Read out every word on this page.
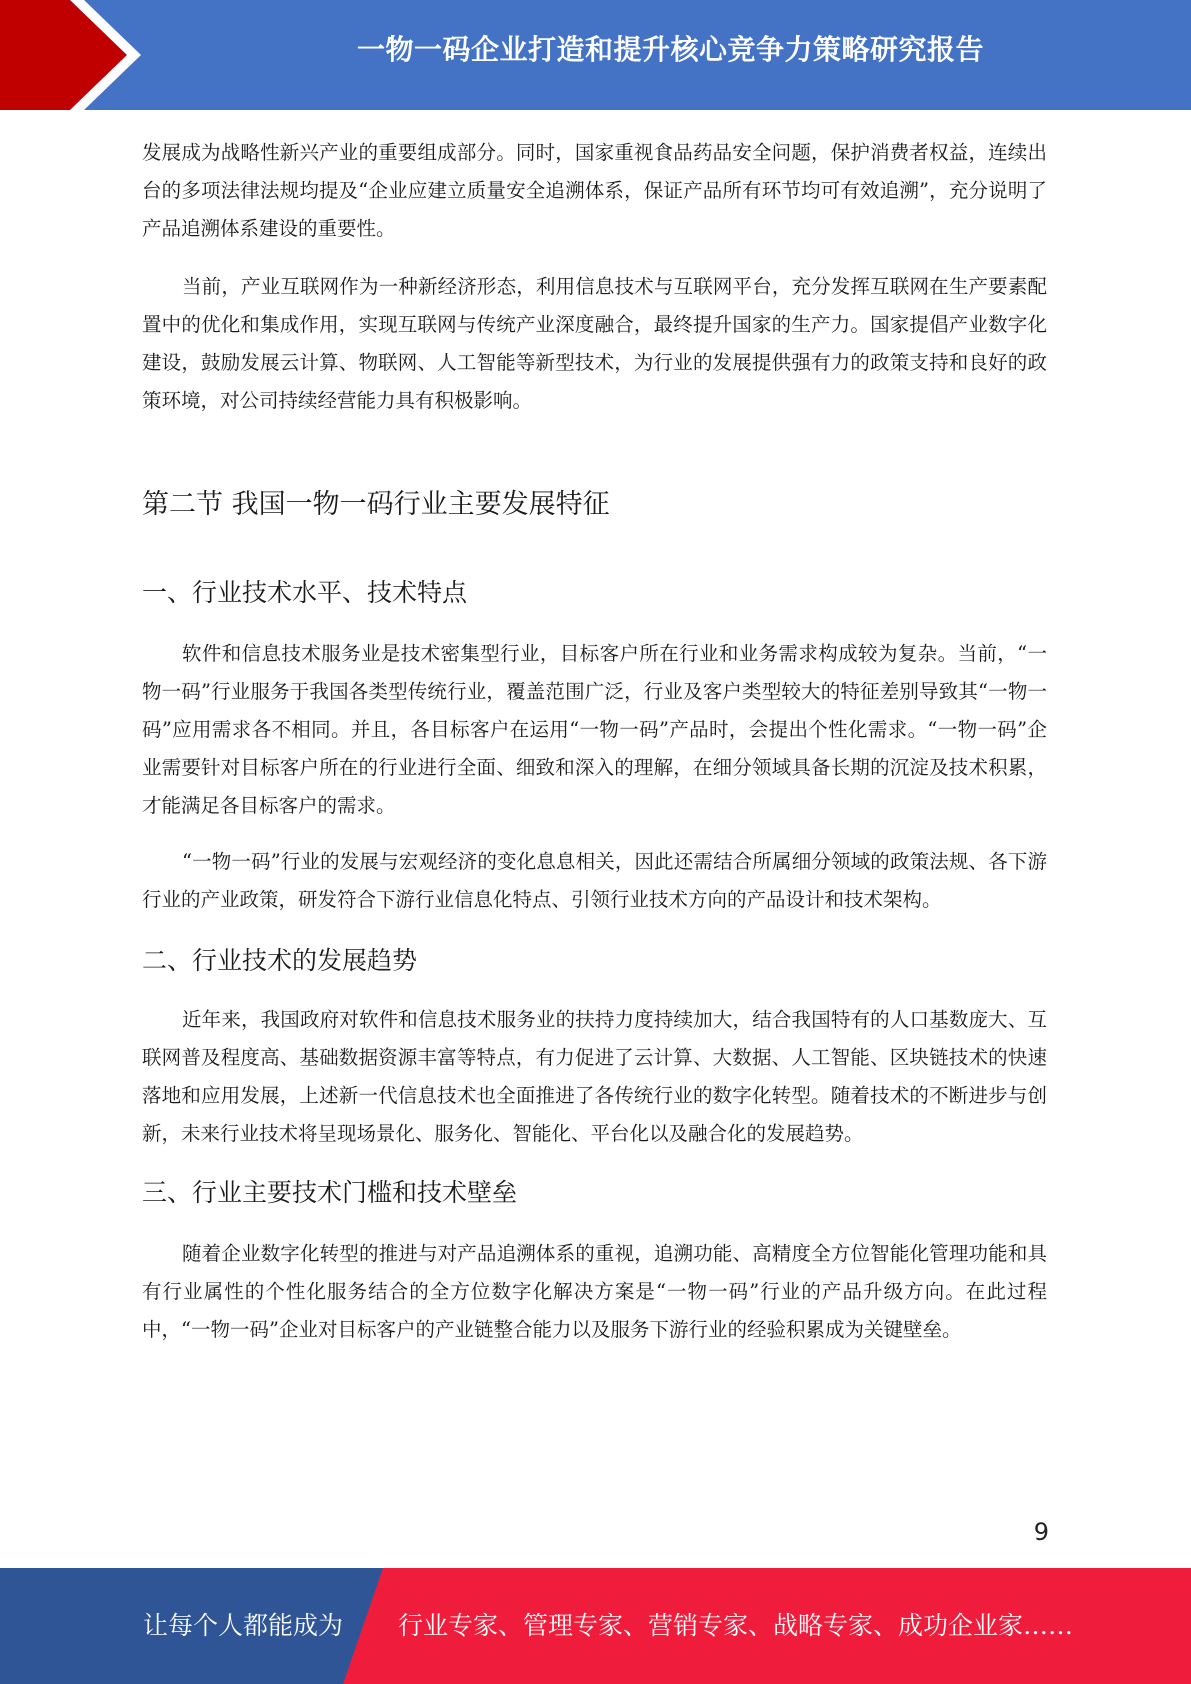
一物一码企业打造和提升核心竞争力策略研究报告

发展成为战略性新兴产业的重要组成部分。同时，国家重视食品药品安全问题，保护消费者权益，连续出台的多项法律法规均提及“企业应建立质量安全追溯体系，保证产品所有环节均可有效追溯”，充分说明了产品追溯体系建设的重要性。

当前，产业互联网作为一种新经济形态，利用信息技术与互联网平台，充分发挥互联网在生产要素配置中的优化和集成作用，实现互联网与传统产业深度融合，最终提升国家的生产力。国家提倡产业数字化建设，鼓励发展云计算、物联网、人工智能等新型技术，为行业的发展提供强有力的政策支持和良好的政策环境，对公司持续经营能力具有积极影响。

第二节 我国一物一码行业主要发展特征
一、行业技术水平、技术特点

软件和信息技术服务业是技术密集型行业，目标客户所在行业和业务需求构成较为复杂。当前，“一物一码”行业服务于我国各类型传统行业，覆盖范围广泛，行业及客户类型较大的特征差别导致其“一物一码”应用需求各不相同。并且，各目标客户在运用“一物一码”产品时，会提出个性化需求。“一物一码”企业需要针对目标客户所在的行业进行全面、细致和深入的理解，在细分领域具备长期的沉淀及技术积累，才能满足各目标客户的需求。

“一物一码”行业的发展与宏观经济的变化息息相关，因此还需结合所属细分领域的政策法规、各下游行业的产业政策，研发符合下游行业信息化特点、引领行业技术方向的产品设计和技术架构。

二、行业技术的发展趋势

近年来，我国政府对软件和信息技术服务业的扶持力度持续加大，结合我国特有的人口基数庞大、互联网普及程度高、基础数据资源丰富等特点，有力促进了云计算、大数据、人工智能、区块链技术的快速落地和应用发展，上述新一代信息技术也全面推进了各传统行业的数字化转型。随着技术的不断进步与创新，未来行业技术将呈现场景化、服务化、智能化、平台化以及融合化的发展趋势。

三、行业主要技术门槛和技术壁垒

随着企业数字化转型的推进与对产品追溯体系的重视，追溯功能、高精度全方位智能化管理功能和具有行业属性的个性化服务结合的全方位数字化解决方案是“一物一码”行业的产品升级方向。在此过程中，“一物一码”企业对目标客户的产业链整合能力以及服务下游行业的经验积累成为关键壁垒。

9
让每个人都能成为 行业专家、管理专家、营销专家、战略专家、成功企业家……
